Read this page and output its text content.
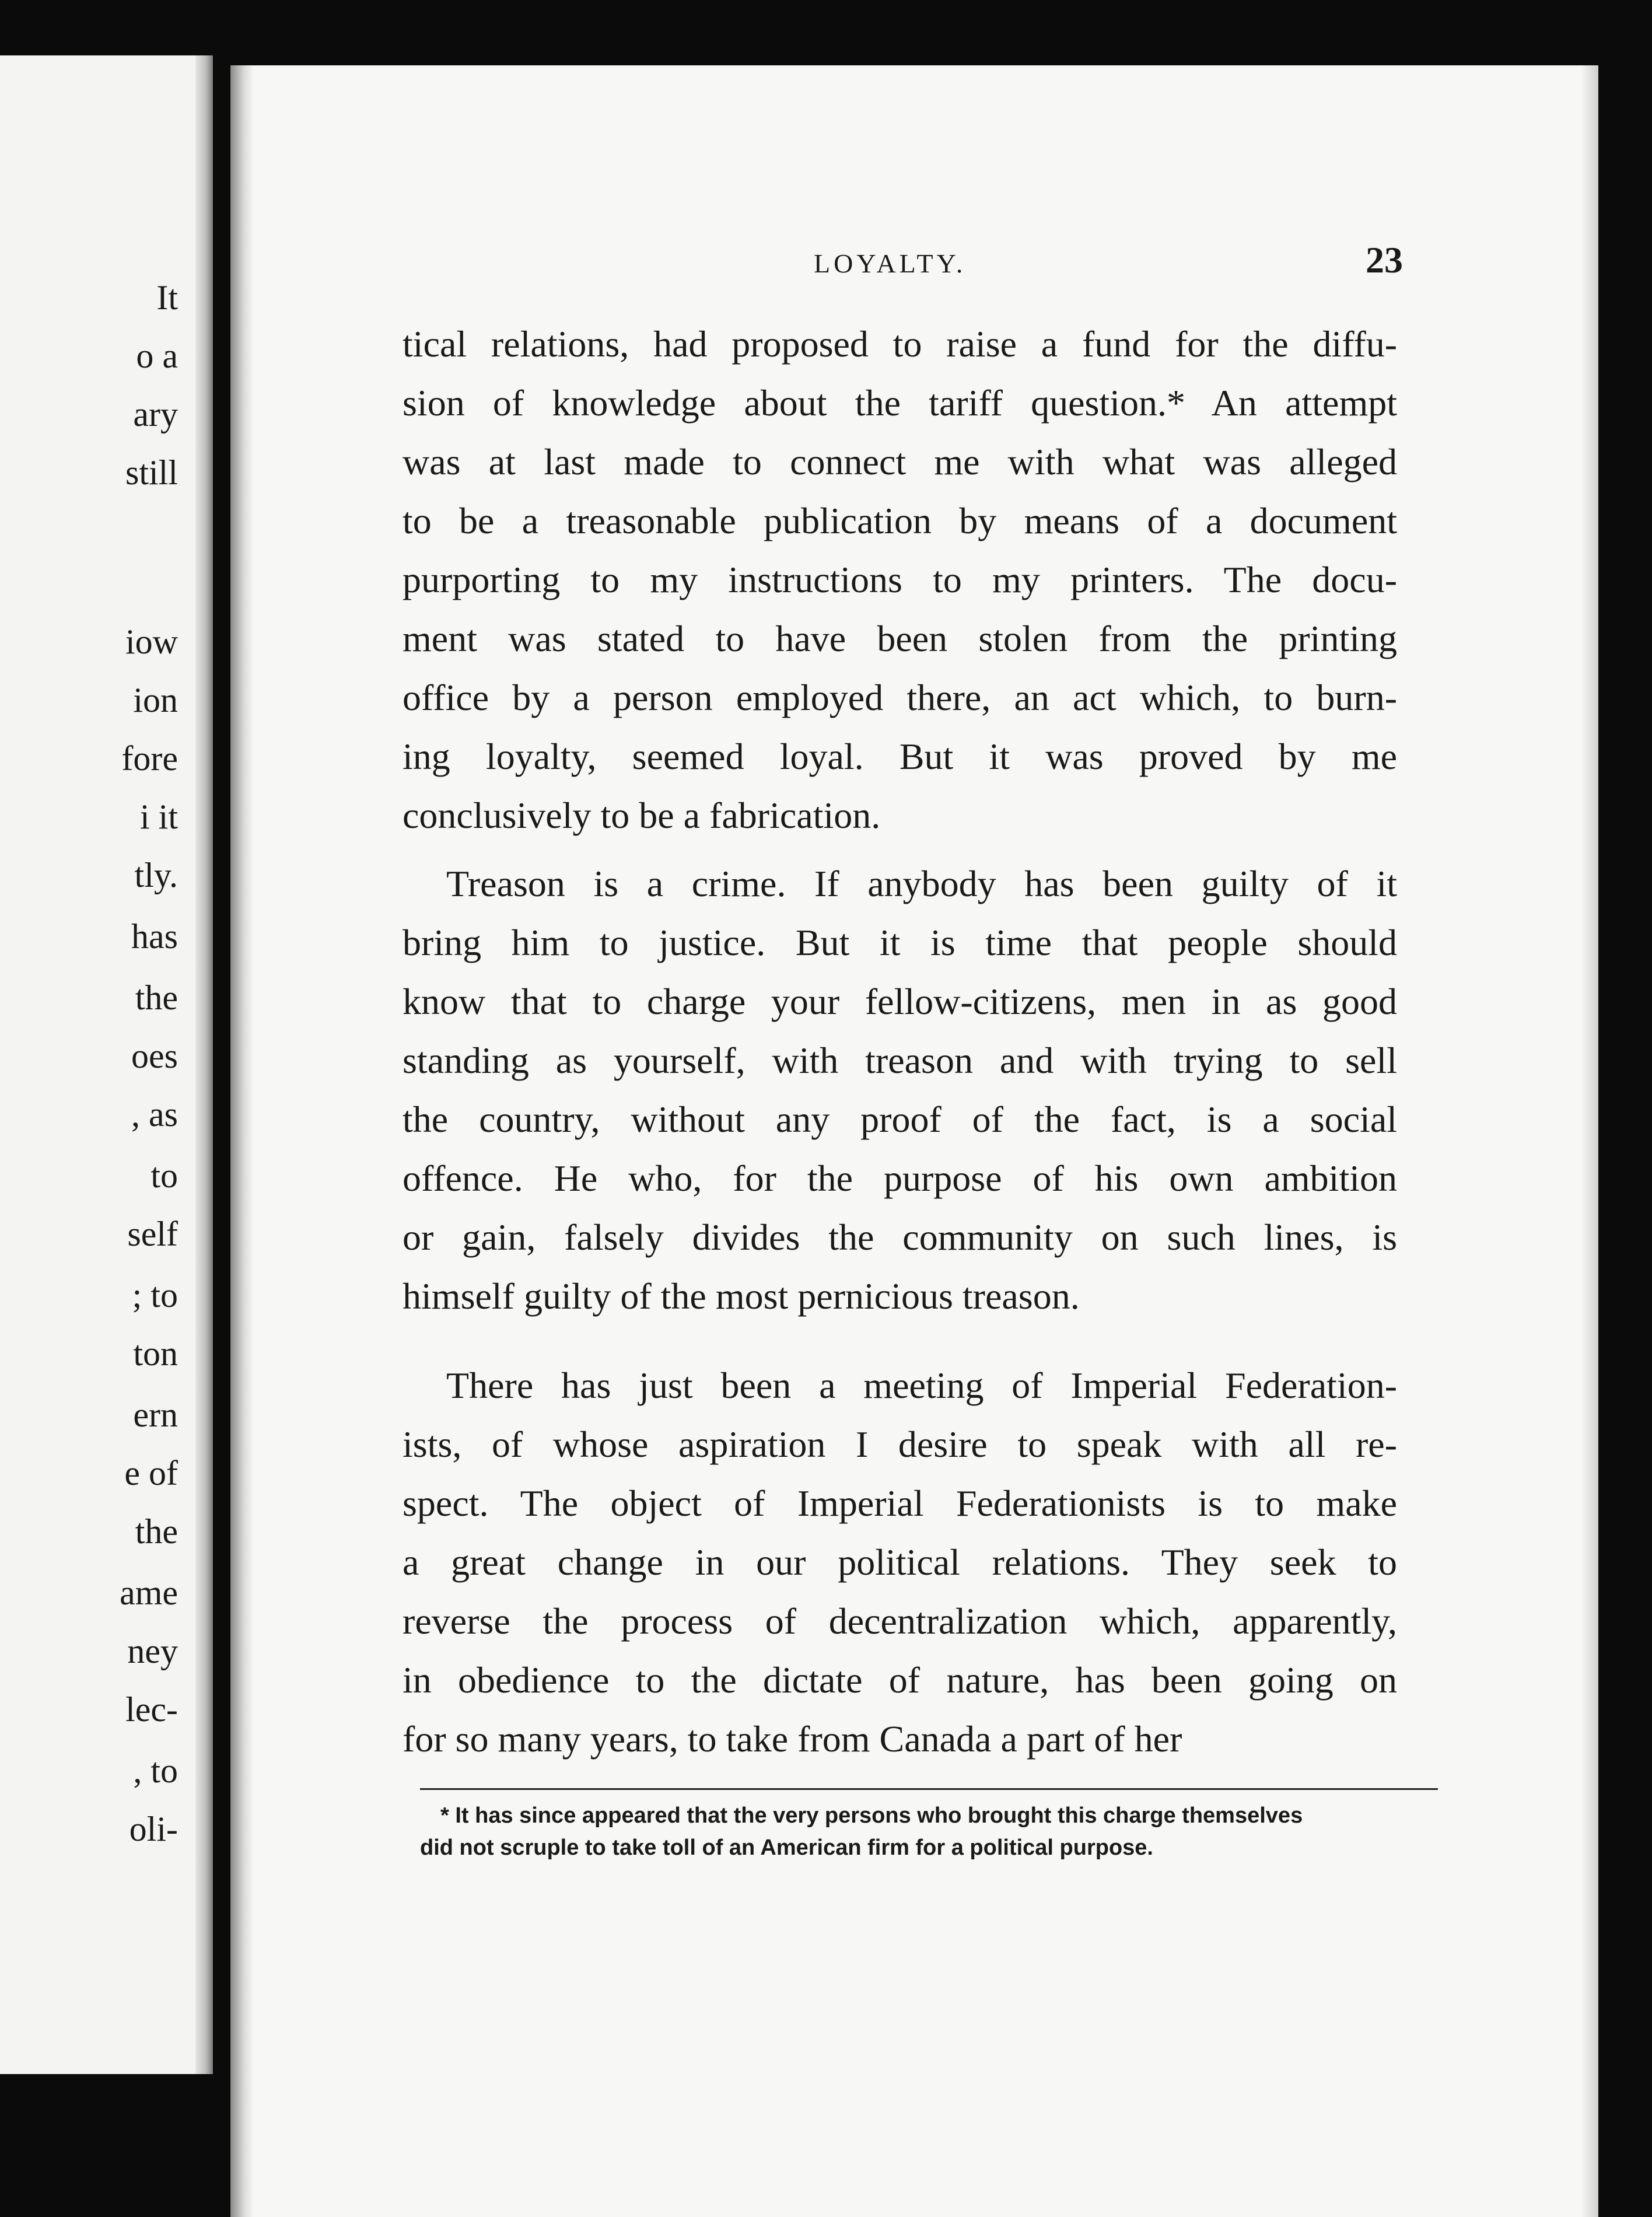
It
o a
ary
still
iow
ion
fore
i it
tly.
has
the
oes
, as
to
self
; to
ton
ern
e of
the
ame
ney
lec-
, to
oli-
LOYALTY.	23
tical relations, had proposed to raise a fund for the diffu-
sion of knowledge about the tariff question.* An attempt
was at last made to connect me with what was alleged
to be a treasonable publication by means of a document
purporting to my instructions to my printers. The docu-
ment was stated to have been stolen from the printing
office by a person employed there, an act which, to burn-
ing loyalty, seemed loyal. But it was proved by me
conclusively to be a fabrication.
Treason is a crime. If anybody has been guilty of it
bring him to justice. But it is time that people should
know that to charge your fellow-citizens, men in as good
standing as yourself, with treason and with trying to sell
the country, without any proof of the fact, is a social
offence. He who, for the purpose of his own ambition
or gain, falsely divides the community on such lines, is
himself guilty of the most pernicious treason.
There has just been a meeting of Imperial Federation-
ists, of whose aspiration I desire to speak with all re-
spect. The object of Imperial Federationists is to make
a great change in our political relations. They seek to
reverse the process of decentralization which, apparently,
in obedience to the dictate of nature, has been going on
for so many years, to take from Canada a part of her
* It has since appeared that the very persons who brought this charge themselves
did not scruple to take toll of an American firm for a political purpose.
